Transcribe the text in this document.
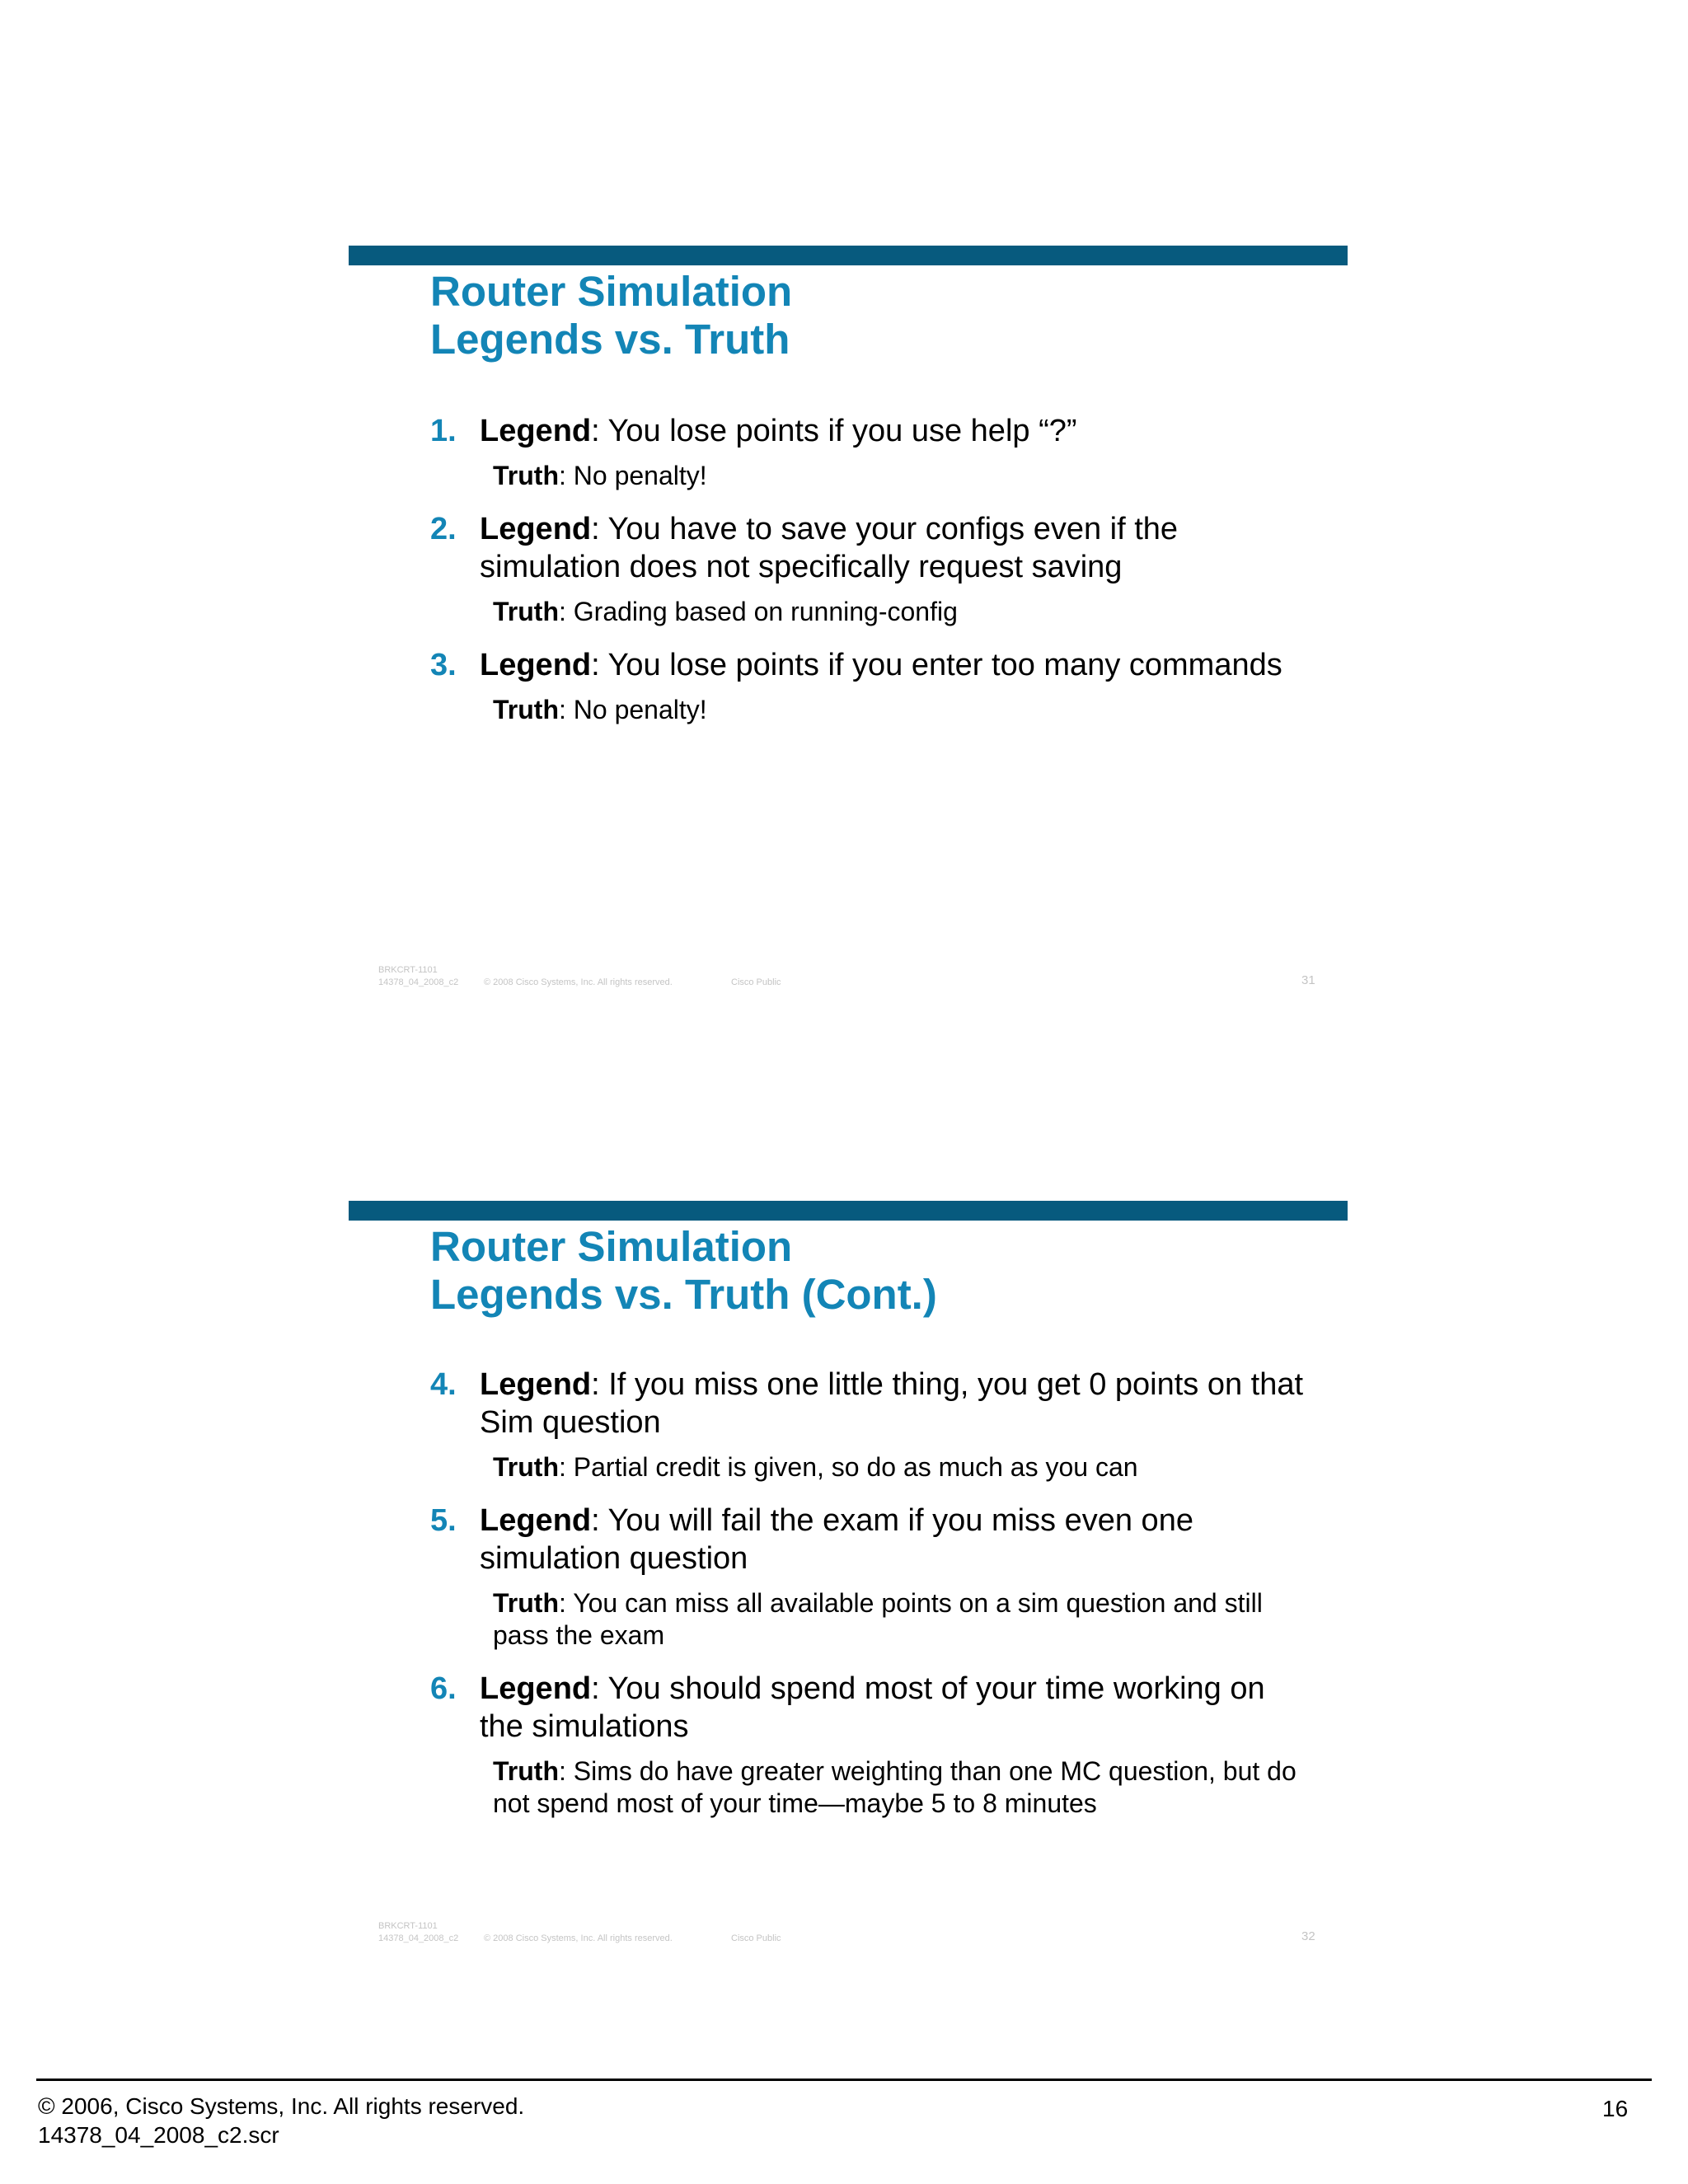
Router Simulation
Legends vs. Truth
1. Legend: You lose points if you use help “?”
Truth: No penalty!
2. Legend: You have to save your configs even if the simulation does not specifically request saving
Truth: Grading based on running-config
3. Legend: You lose points if you enter too many commands
Truth: No penalty!
BRKCRT-1101
14378_04_2008_c2	© 2008 Cisco Systems, Inc. All rights reserved.	Cisco Public	31
Router Simulation
Legends vs. Truth (Cont.)
4. Legend: If you miss one little thing, you get 0 points on that Sim question
Truth: Partial credit is given, so do as much as you can
5. Legend: You will fail the exam if you miss even one simulation question
Truth: You can miss all available points on a sim question and still pass the exam
6. Legend: You should spend most of your time working on the simulations
Truth: Sims do have greater weighting than one MC question, but do not spend most of your time—maybe 5 to 8 minutes
BRKCRT-1101
14378_04_2008_c2	© 2008 Cisco Systems, Inc. All rights reserved.	Cisco Public	32
© 2006, Cisco Systems, Inc. All rights reserved.
14378_04_2008_c2.scr
16
